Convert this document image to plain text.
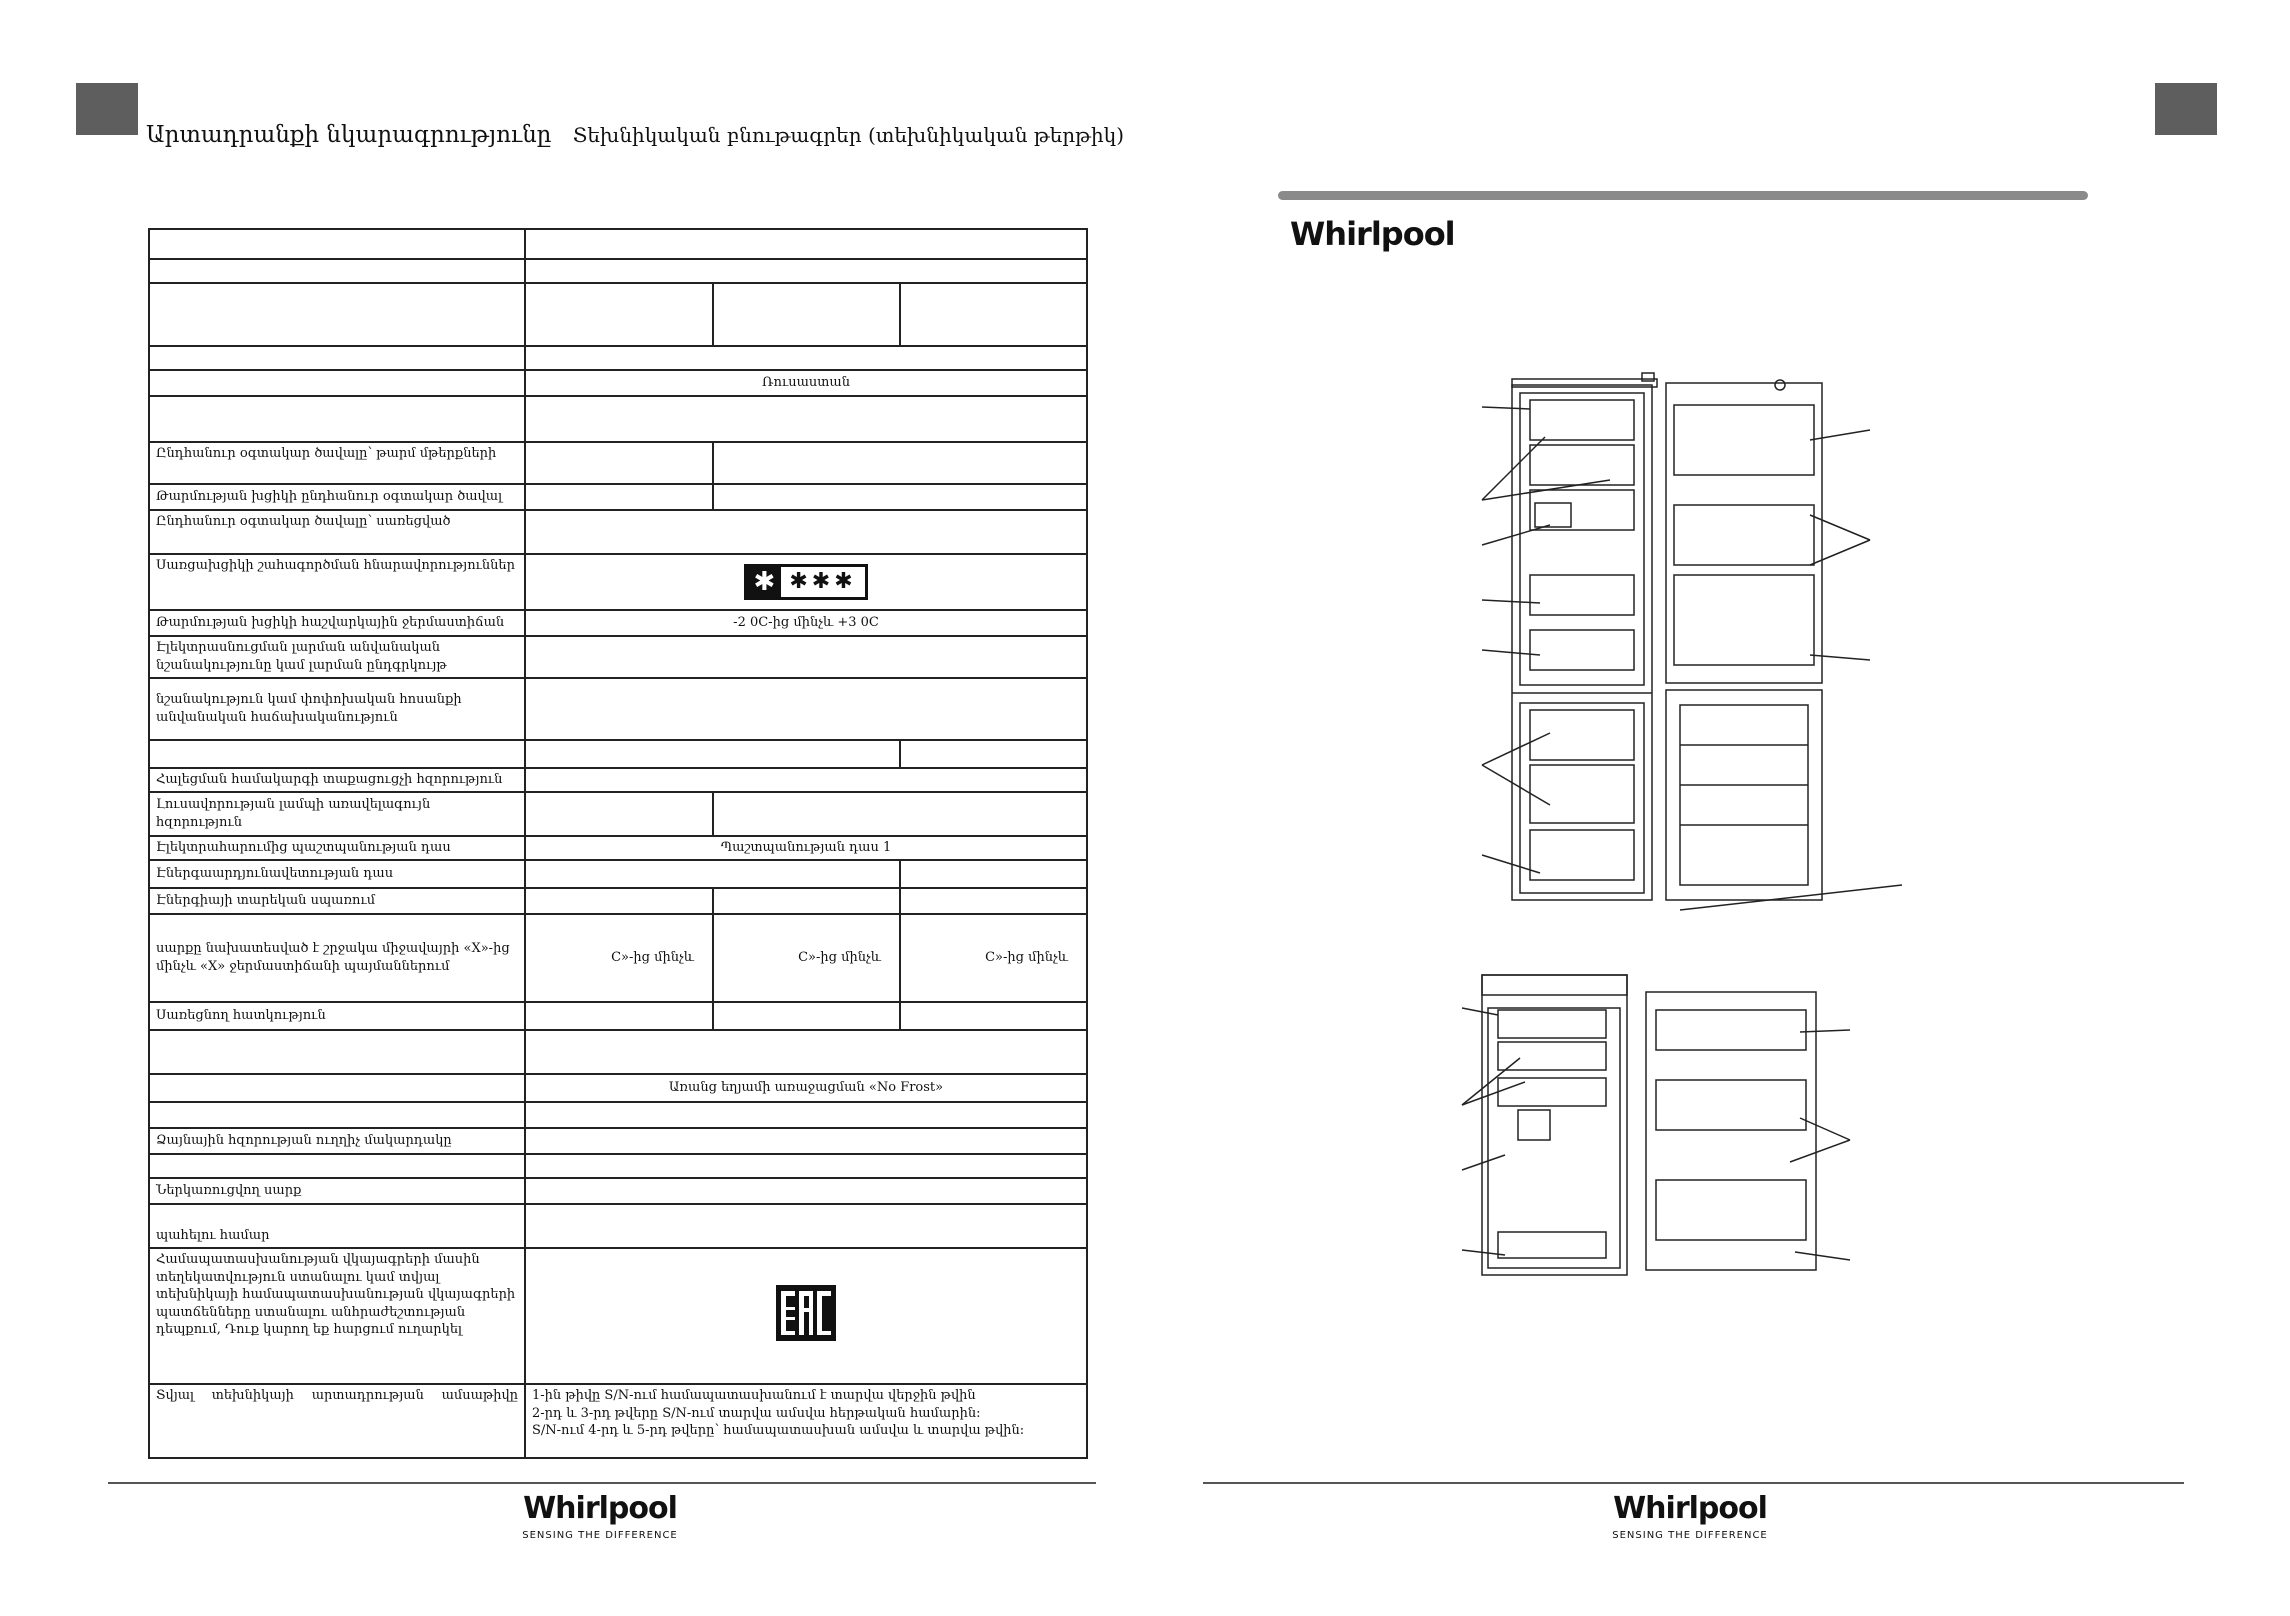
Արտադրանքի նկարագրությունը Տեխնիկական բնութագրեր (տեխնիկական թերթիկ)

	Ռուսաստան		

Ընդհանուր օգտակար ծավալը՝ թարմ մթերքների			
Թարմության խցիկի ընդհանուր օգտակար ծավալ			
Ընդհանուր օգտակար ծավալը՝ սառեցված			
Սառցախցիկի շահագործման հնարավորություններ	✱ ✱✱✱		

Թարմության խցիկի հաշվարկային ջերմաստիճան	-2 0C-ից մինչև +3 0C		
Էլեկտրասնուցման լարման անվանական նշանակությունը կամ լարման ընդգրկույթ			
նշանակություն կամ փոփոխական հոսանքի անվանական հաճախականություն			

Հալեցման համակարգի տաքացուցչի հզորություն			
Լուսավորության լամպի առավելագույն հզորություն			
Էլեկտրահարումից պաշտպանության դաս	Պաշտպանության դաս 1		
Էներգաարդյունավետության դաս			
Էներգիայի տարեկան սպառում			
սարքը նախատեսված է շրջակա միջավայրի «X»-ից մինչև «X» ջերմաստիճանի պայմաններում	C»-ից մինչև	C»-ից մինչև	C»-ից մինչև
Սառեցնող հատկություն			

	Առանց եղյամի առաջացման «No Frost»		

Ձայնային հզորության ուղղիչ մակարդակը			

Ներկառուցվող սարք			
պահելու համար			
Համապատասխանության վկայագրերի մասին տեղեկատվություն ստանալու կամ տվյալ տեխնիկայի համապատասխանության վկայագրերի պատճենները ստանալու անհրաժեշտության դեպքում, Դուք կարող եք հարցում ուղարկել	
Տվյալ տեխնիկայի արտադրության ամսաթիվը	1-ին թիվը S/N-ում համապատասխանում է տարվա վերջին թվին
2-րդ և 3-րդ թվերը S/N-ում տարվա ամսվա հերթական համարին:
S/N-ում 4-րդ և 5-րդ թվերը՝ համապատասխան ամսվա և տարվա թվին:		
Whirlpool
Whirlpool
SENSING THE DIFFERENCE
Whirlpool
SENSING THE DIFFERENCE
